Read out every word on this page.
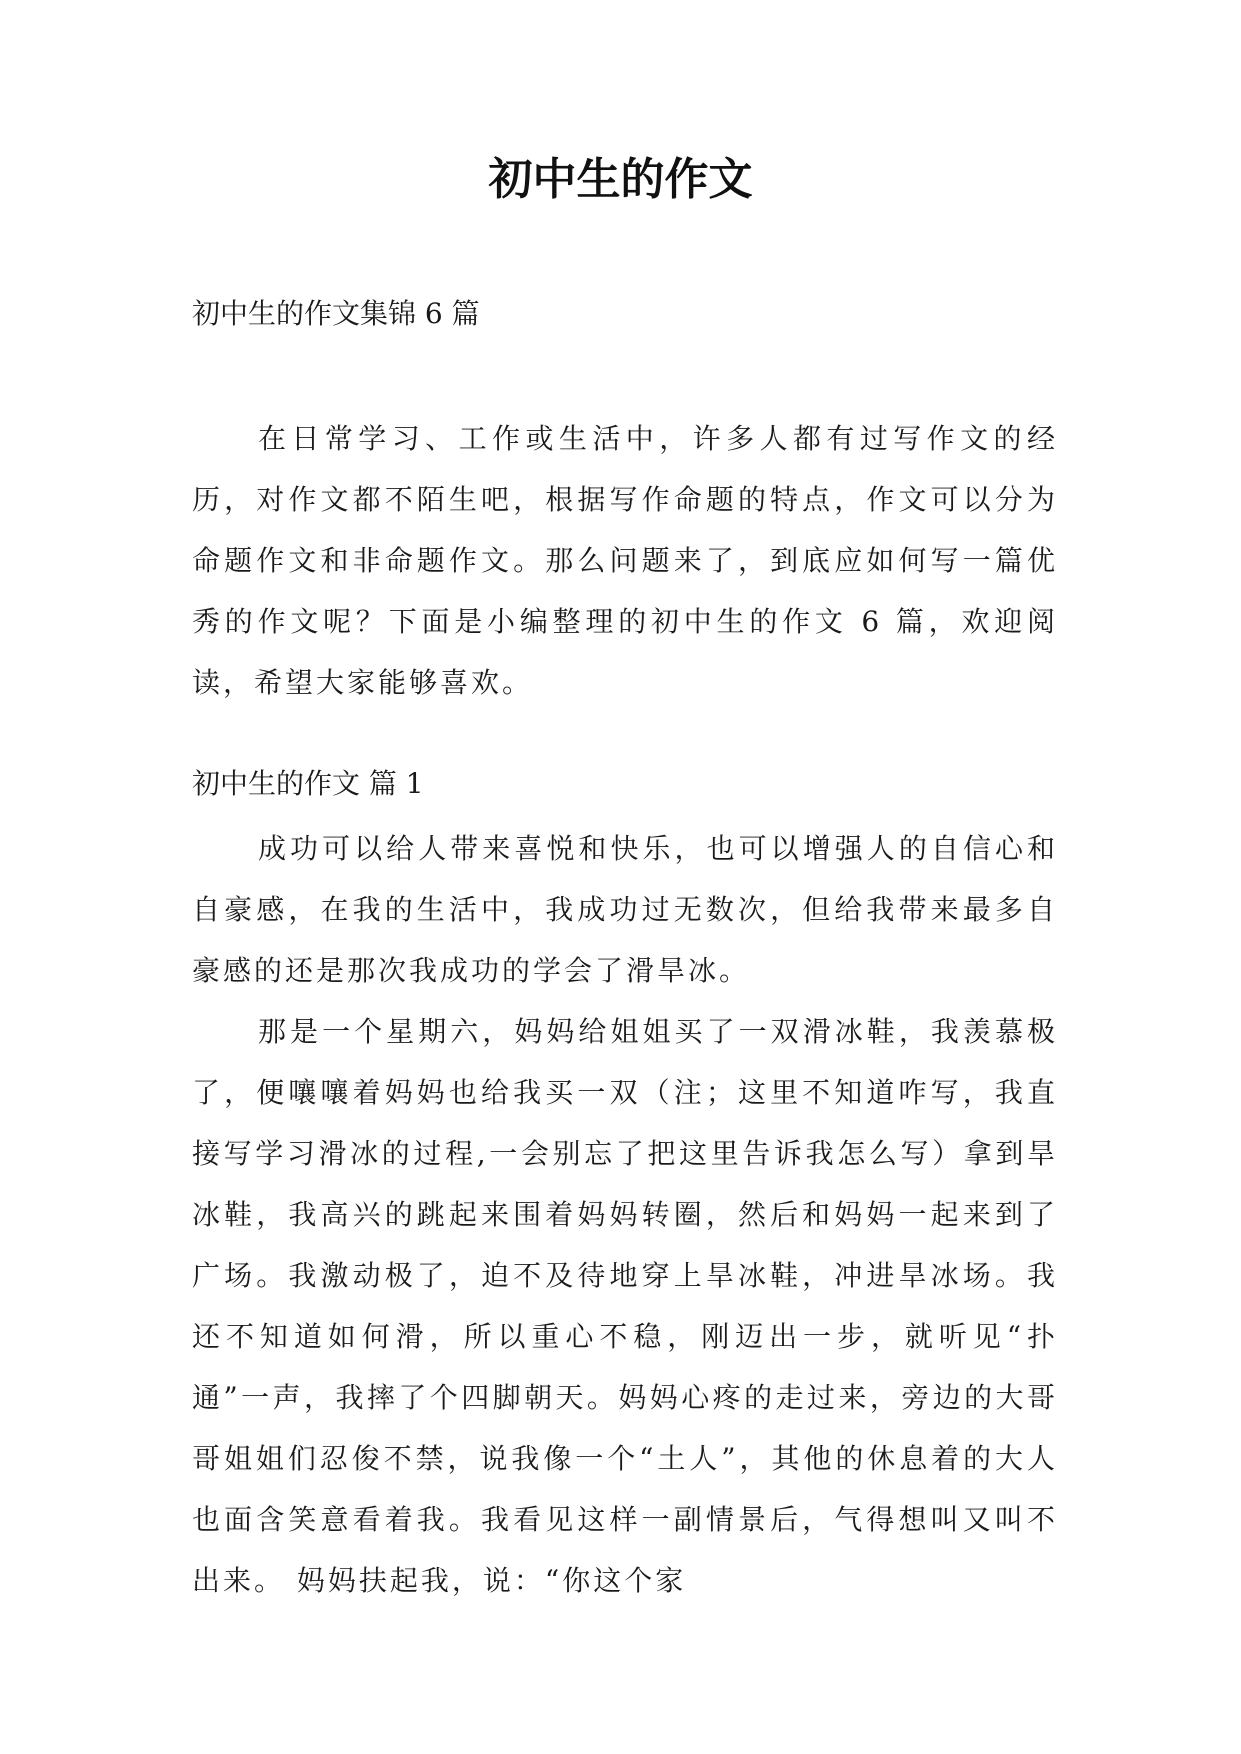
初中生的作文

初中生的作文集锦 6 篇

在日常学习、工作或生活中，许多人都有过写作文的经历，对作文都不陌生吧，根据写作命题的特点，作文可以分为命题作文和非命题作文。那么问题来了，到底应如何写一篇优秀的作文呢？下面是小编整理的初中生的作文 6 篇，欢迎阅读，希望大家能够喜欢。

初中生的作文 篇 1

成功可以给人带来喜悦和快乐，也可以增强人的自信心和自豪感，在我的生活中，我成功过无数次，但给我带来最多自豪感的还是那次我成功的学会了滑旱冰。

那是一个星期六，妈妈给姐姐买了一双滑冰鞋，我羡慕极了，便嚷嚷着妈妈也给我买一双（注；这里不知道咋写，我直接写学习滑冰的过程,一会别忘了把这里告诉我怎么写）拿到旱冰鞋，我高兴的跳起来围着妈妈转圈，然后和妈妈一起来到了广场。我激动极了，迫不及待地穿上旱冰鞋，冲进旱冰场。我还不知道如何滑，所以重心不稳，刚迈出一步，就听见“扑通”一声，我摔了个四脚朝天。妈妈心疼的走过来，旁边的大哥哥姐姐们忍俊不禁，说我像一个“土人”，其他的休息着的大人也面含笑意看着我。我看见这样一副情景后，气得想叫又叫不出来。 妈妈扶起我，说：“你这个家
